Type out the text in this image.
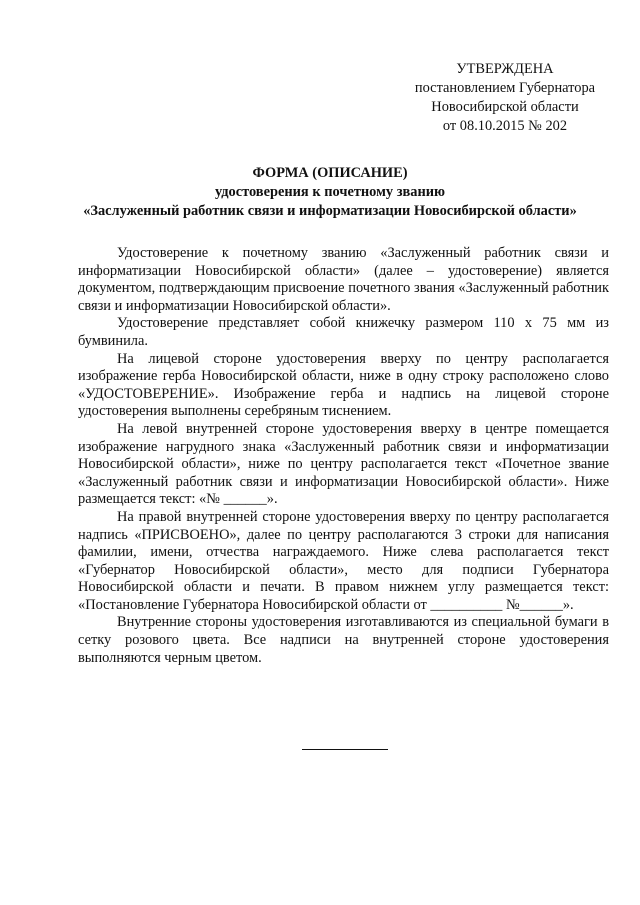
УТВЕРЖДЕНА
постановлением Губернатора
Новосибирской области
от 08.10.2015 № 202
ФОРМА (ОПИСАНИЕ)
удостоверения к почетному званию
«Заслуженный работник связи и информатизации Новосибирской области»

Удостоверение к почетному званию «Заслуженный работник связи и информатизации Новосибирской области» (далее – удостоверение) является документом, подтверждающим присвоение почетного звания «Заслуженный работник связи и информатизации Новосибирской области».

Удостоверение представляет собой книжечку размером 110 х 75 мм из бумвинила.

На лицевой стороне удостоверения вверху по центру располагается изображение герба Новосибирской области, ниже в одну строку расположено слово «УДОСТОВЕРЕНИЕ». Изображение герба и надпись на лицевой стороне удостоверения выполнены серебряным тиснением.

На левой внутренней стороне удостоверения вверху в центре помещается изображение нагрудного знака «Заслуженный работник связи и информатизации Новосибирской области», ниже по центру располагается текст «Почетное звание «Заслуженный работник связи и информатизации Новосибирской области». Ниже размещается текст: «№ ______».

На правой внутренней стороне удостоверения вверху по центру располагается надпись «ПРИСВОЕНО», далее по центру располагаются 3 строки для написания фамилии, имени, отчества награждаемого. Ниже слева располагается текст «Губернатор Новосибирской области», место для подписи Губернатора Новосибирской области и печати. В правом нижнем углу размещается текст: «Постановление Губернатора Новосибирской области от __________ №______».

Внутренние стороны удостоверения изготавливаются из специальной бумаги в сетку розового цвета. Все надписи на внутренней стороне удостоверения выполняются черным цветом.
